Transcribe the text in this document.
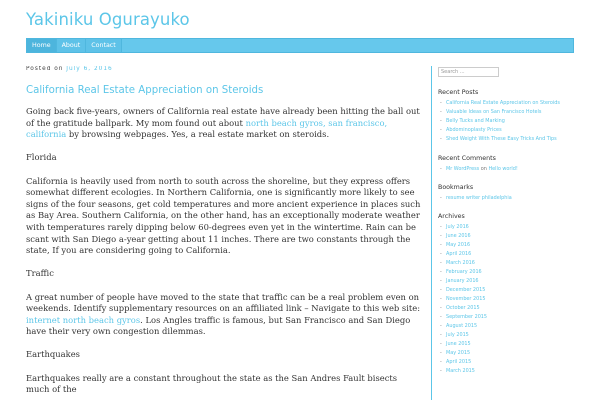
Yakiniku Ogurayuko
Home	About	Contact
Posted on July 6, 2016
California Real Estate Appreciation on Steroids

Going back five-years, owners of California real estate have already been hitting the ball out of the gratitude ballpark. My mom found out about north beach gyros, san francisco, california by browsing webpages. Yes, a real estate market on steroids.

Florida

California is heavily used from north to south across the shoreline, but they express offers somewhat different ecologies. In Northern California, one is significantly more likely to see signs of the four seasons, get cold temperatures and more ancient experience in places such as Bay Area. Southern California, on the other hand, has an exceptionally moderate weather with temperatures rarely dipping below 60-degrees even yet in the wintertime. Rain can be scant with San Diego a-year getting about 11 inches. There are two constants through the state, If you are considering going to California.

Traffic

A great number of people have moved to the state that traffic can be a real problem even on weekends. Identify supplementary resources on an affiliated link – Navigate to this web site: internet north beach gyros. Los Angles traffic is famous, but San Francisco and San Diego have their very own congestion dilemmas.

Earthquakes

Earthquakes really are a constant throughout the state as the San Andres Fault bisects much of the

Search ...
Recent Posts
- California Real Estate Appreciation on Steroids
- Valuable Ideas on San Francisco Hotels
- Belly Tucks and Marking
- Abdominoplasty Prices
- Shed Weight With These Easy Tricks And Tips
Recent Comments
- Mr WordPress on Hello world!
Bookmarks
- resume writer philadelphia
Archives
- July 2016
- June 2016
- May 2016
- April 2016
- March 2016
- February 2016
- January 2016
- December 2015
- November 2015
- October 2015
- September 2015
- August 2015
- July 2015
- June 2015
- May 2015
- April 2015
- March 2015
